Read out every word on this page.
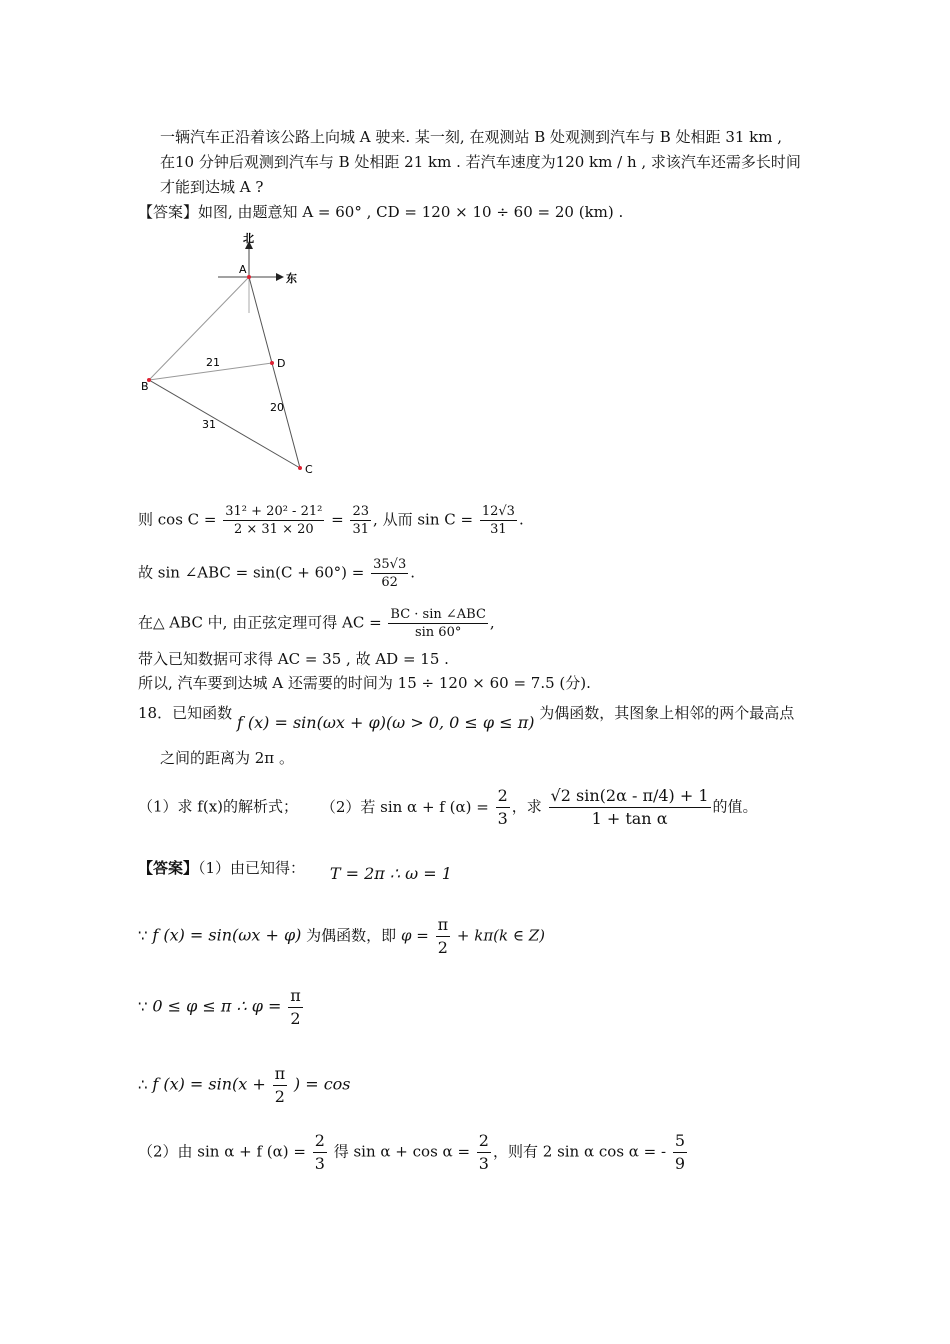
一辆汽车正沿着该公路上向城 A 驶来. 某一刻, 在观测站 B 处观测到汽车与 B 处相距 31 km ,
在10 分钟后观测到汽车与 B 处相距 21 km . 若汽车速度为120 km / h , 求该汽车还需多长时间
才能到达城 A ?
【答案】如图, 由题意知 A = 60° , CD = 120 × 10 ÷ 60 = 20 (km) .
北
东
A
B
D
C
21
20
31
则 $\cos C = \frac{\text{31² + 20² - 21²}}{2 \times 31 \times 20} = \frac{23}{31}$ , 从而 $\sin C = \frac{12√3}{31}$ .
故 sin ∠ABC = $\sin(C + 60^\circ) = \frac{35√3}{62}$ .
在△ ABC 中, 由正弦定理可得 AC = $\frac{\text{BC · sin ∠ABC}}{\sin 60^\circ}$ ,
带入已知数据可求得 AC = 35 , 故 AD = 15 .
所以, 汽车要到达城 A 还需要的时间为 15 ÷ 120 × 60 = 7.5 (分).
18．已知函数 f (x) = sin(ωx + φ)(ω > 0, 0 ≤ φ ≤ π) 为偶函数，其图象上相邻的两个最高点
之间的距离为 2π 。
（1）求 f(x)的解析式； （2）若 sin α + f $(\alpha) = \frac{2}{3}$ ，求 $\frac{√2 \sin(2\alpha - \pi/4) + 1}{\text{1 + tan α}}$ 的值。
【答案】（1）由已知得： T = 2π ∴ ω = 1
∵ f (x) = sin(ωx + φ) 为偶函数，即 $\varphi = \frac{\pi}{2} + k\pi(k$ ∈ Z)
∵ 0 ≤ φ ≤ π ∴ $\varphi = \frac{\pi}{2}$
∴ f $(x) = \sin(x + \frac{\pi}{2}$ ) = cos
（2）由 sin α + f $(\alpha) = \frac{2}{3}$ 得 $\sin \alpha + \cos \alpha = \frac{2}{3}$ ，则有 2 sin α cos α = - $\frac{5}{9}$
